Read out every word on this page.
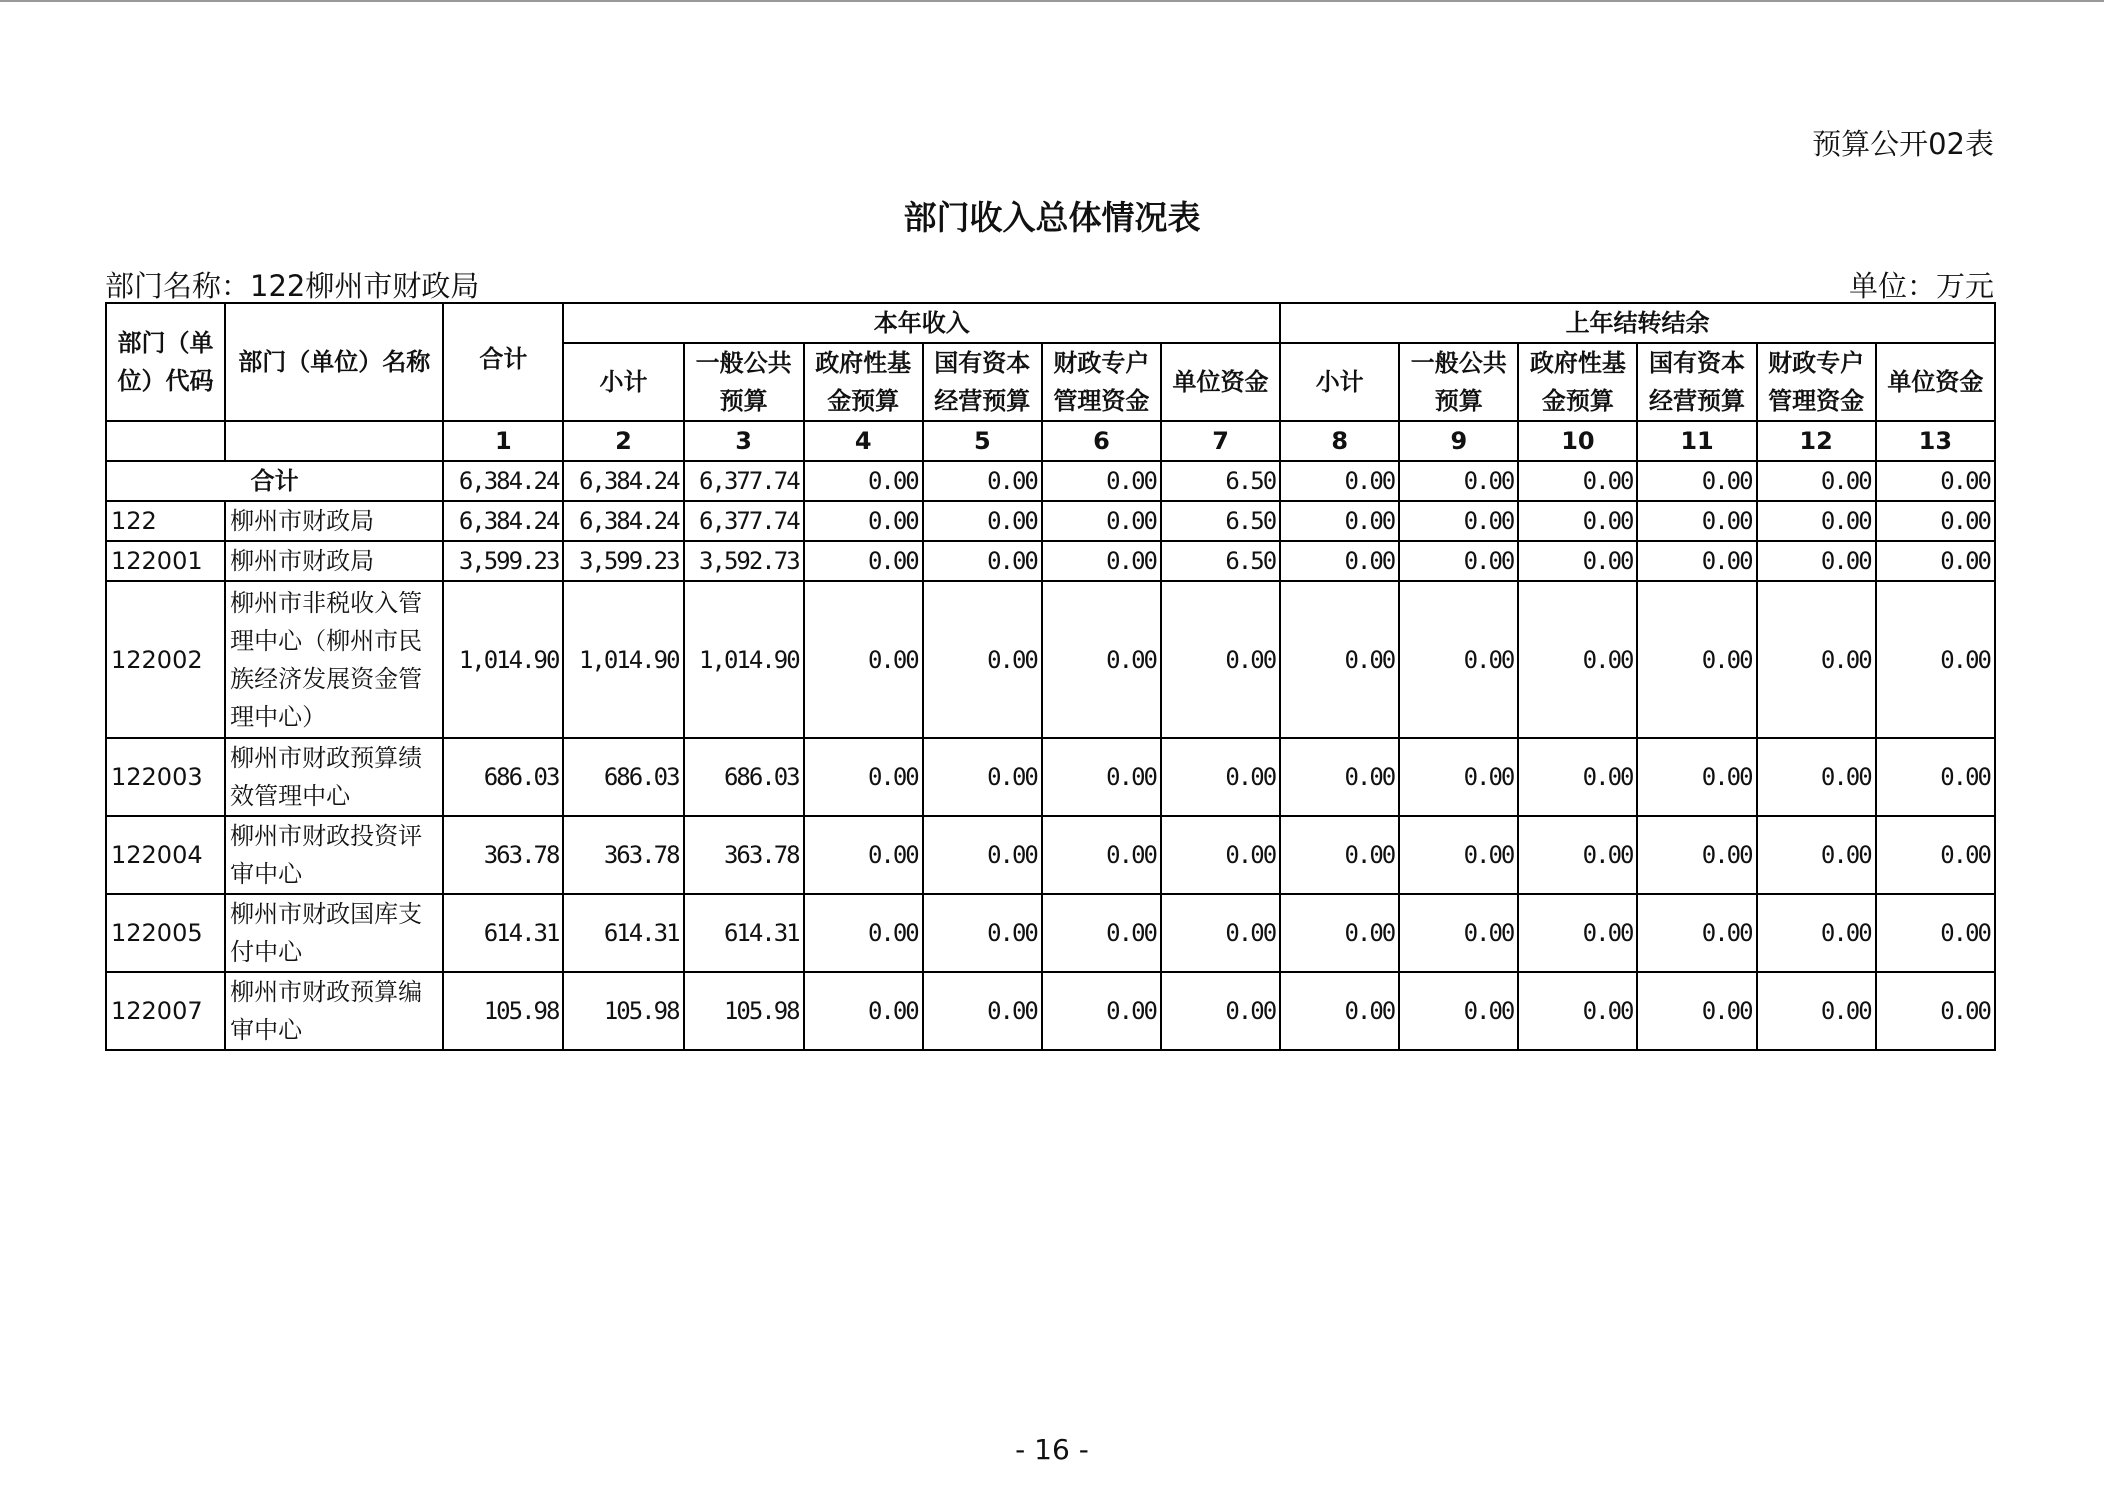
预算公开02表
部门收入总体情况表
部门名称：122柳州市财政局	单位：万元
部门（单位）代码	部门（单位）名称	合计	本年收入						上年结转结余					
			小计	一般公共预算	政府性基金预算	国有资本经营预算	财政专户管理资金	单位资金	小计	一般公共预算	政府性基金预算	国有资本经营预算	财政专户管理资金	单位资金
		1	2	3	4	5	6	7	8	9	10	11	12	13
合计		6,384.24	6,384.24	6,377.74	0.00	0.00	0.00	6.50	0.00	0.00	0.00	0.00	0.00	0.00
122	柳州市财政局	6,384.24	6,384.24	6,377.74	0.00	0.00	0.00	6.50	0.00	0.00	0.00	0.00	0.00	0.00
122001	柳州市财政局	3,599.23	3,599.23	3,592.73	0.00	0.00	0.00	6.50	0.00	0.00	0.00	0.00	0.00	0.00
122002	柳州市非税收入管理中心（柳州市民族经济发展资金管理中心）	1,014.90	1,014.90	1,014.90	0.00	0.00	0.00	0.00	0.00	0.00	0.00	0.00	0.00	0.00
122003	柳州市财政预算绩效管理中心	686.03	686.03	686.03	0.00	0.00	0.00	0.00	0.00	0.00	0.00	0.00	0.00	0.00
122004	柳州市财政投资评审中心	363.78	363.78	363.78	0.00	0.00	0.00	0.00	0.00	0.00	0.00	0.00	0.00	0.00
122005	柳州市财政国库支付中心	614.31	614.31	614.31	0.00	0.00	0.00	0.00	0.00	0.00	0.00	0.00	0.00	0.00
122007	柳州市财政预算编审中心	105.98	105.98	105.98	0.00	0.00	0.00	0.00	0.00	0.00	0.00	0.00	0.00	0.00
- 16 -
